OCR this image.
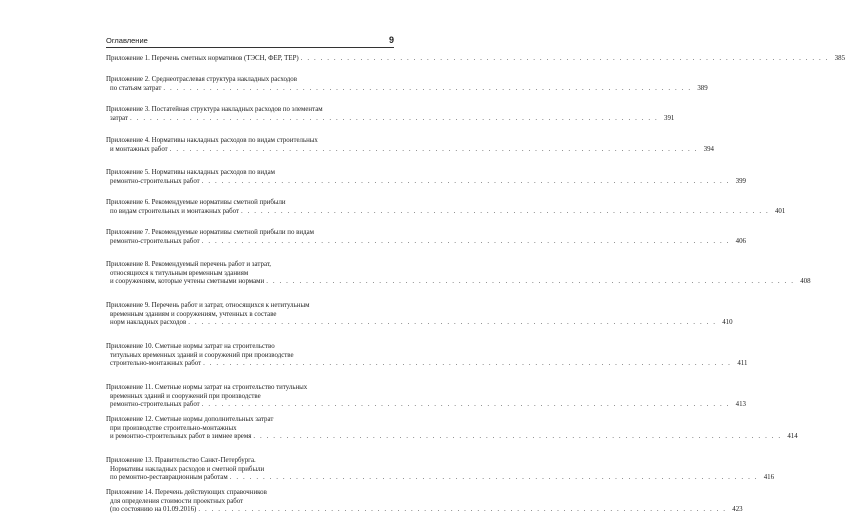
Оглавление	9
Приложение 1. Перечень сметных нормативов (ТЭСН, ФЕР, ТЕР) . . .	385
Приложение 2. Среднеотраслевая структура накладных расходов
по статьям затрат . . .	389
Приложение 3. Постатейная структура накладных расходов по элементам
затрат . . .	391
Приложение 4. Нормативы накладных расходов по видам строительных
и монтажных работ . . .	394
Приложение 5. Нормативы накладных расходов по видам
ремонтно-строительных работ . . .	399
Приложение 6. Рекомендуемые нормативы сметной прибыли
по видам строительных и монтажных работ . . .	401
Приложение 7. Рекомендуемые нормативы сметной прибыли по видам
ремонтно-строительных работ . . .	406
Приложение 8. Рекомендуемый перечень работ и затрат,
относящихся к титульным временным зданиям
и сооружениям, которые учтены сметными нормами . . .	408
Приложение 9. Перечень работ и затрат, относящихся к нетитульным
временным зданиям и сооружениям, учтенных в составе
норм накладных расходов . . .	410
Приложение 10. Сметные нормы затрат на строительство
титульных временных зданий и сооружений при производстве
строительно-монтажных работ . . .	411
Приложение 11. Сметные нормы затрат на строительство титульных
временных зданий и сооружений при производстве
ремонтно-строительных работ . . .	413
Приложение 12. Сметные нормы дополнительных затрат
при производстве строительно-монтажных
и ремонтно-строительных работ в зимнее время . . .	414
Приложение 13. Правительство Санкт-Петербурга.
Нормативы накладных расходов и сметной прибыли
по ремонтно-реставрационным работам . . .	416
Приложение 14. Перечень действующих справочников
для определения стоимости проектных работ
(по состоянию на 01.09.2016) . . .	423
